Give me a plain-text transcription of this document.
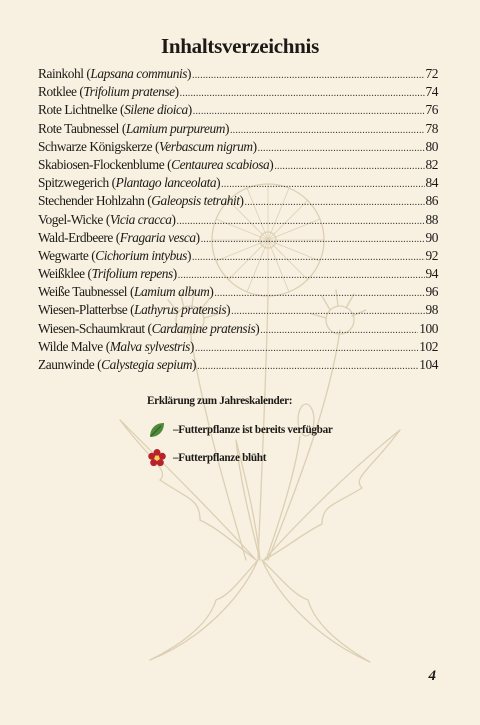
Inhaltsverzeichnis
Rainkohl (Lapsana communis) .....	72
Rotklee (Trifolium pratense) .....	74
Rote Lichtnelke (Silene dioica) .....	76
Rote Taubnessel (Lamium purpureum) .....	78
Schwarze Königskerze (Verbascum nigrum) .....	80
Skabiosen-Flockenblume (Centaurea scabiosa) .....	82
Spitzwegerich (Plantago lanceolata) .....	84
Stechender Hohlzahn (Galeopsis tetrahit) .....	86
Vogel-Wicke (Vicia cracca) .....	88
Wald-Erdbeere (Fragaria vesca) .....	90
Wegwarte (Cichorium intybus) .....	92
Weißklee (Trifolium repens) .....	94
Weiße Taubnessel (Lamium album) .....	96
Wiesen-Platterbse (Lathyrus pratensis) .....	98
Wiesen-Schaumkraut (Cardamine pratensis) .....	100
Wilde Malve (Malva sylvestris) .....	102
Zaunwinde (Calystegia sepium) .....	104
Erklärung zum Jahreskalender:
–Futterpflanze ist bereits verfügbar
–Futterpflanze blüht
4
